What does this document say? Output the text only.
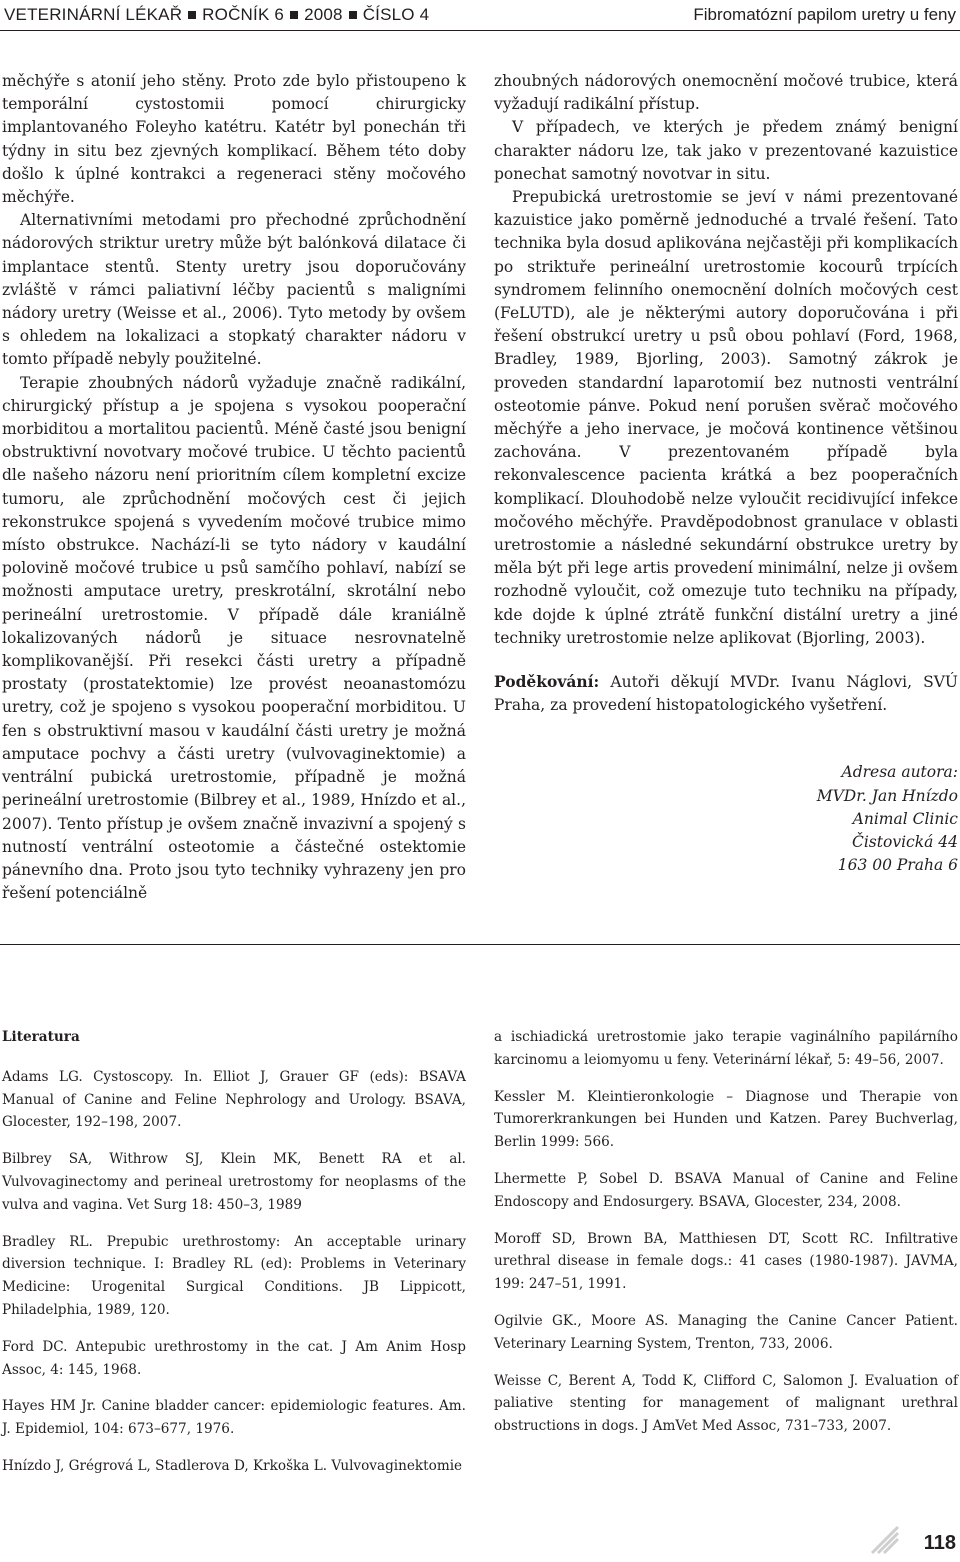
VETERINÁRNÍ LÉKAŘ ROČNÍK 6 2008 ČÍSLO 4	Fibromatózní papilom uretry u feny

měchýře s atonií jeho stěny. Proto zde bylo přistoupeno k temporální cystostomii pomocí chirurgicky implantovaného Foleyho katétru. Katétr byl ponechán tři týdny in situ bez zjevných komplikací. Během této doby došlo k úplné kontrakci a regeneraci stěny močového měchýře.

Alternativními metodami pro přechodné zprůchodnění nádorových striktur uretry může být balónková dilatace či implantace stentů. Stenty uretry jsou doporučovány zvláště v rámci paliativní léčby pacientů s maligními nádory uretry (Weisse et al., 2006). Tyto metody by ovšem s ohledem na lokalizaci a stopkatý charakter nádoru v tomto případě nebyly použitelné.

Terapie zhoubných nádorů vyžaduje značně radikální, chirurgický přístup a je spojena s vysokou pooperační morbiditou a mortalitou pacientů. Méně časté jsou benigní obstruktivní novotvary močové trubice. U těchto pacientů dle našeho názoru není prioritním cílem kompletní excize tumoru, ale zprůchodnění močových cest či jejich rekonstrukce spojená s vyvedením močové trubice mimo místo obstrukce. Nachází-li se tyto nádory v kaudální polovině močové trubice u psů samčího pohlaví, nabízí se možnosti amputace uretry, preskrotální, skrotální nebo perineální uretrostomie. V případě dále kraniálně lokalizovaných nádorů je situace nesrovnatelně komplikovanější. Při resekci části uretry a případně prostaty (prostatektomie) lze provést neoanastomózu uretry, což je spojeno s vysokou pooperační morbiditou. U fen s obstruktivní masou v kaudální části uretry je možná amputace pochvy a části uretry (vulvovaginektomie) a ventrální pubická uretrostomie, případně je možná perineální uretrostomie (Bilbrey et al., 1989, Hnízdo et al., 2007). Tento přístup je ovšem značně invazivní a spojený s nutností ventrální osteotomie a částečné ostektomie pánevního dna. Proto jsou tyto techniky vyhrazeny jen pro řešení potenciálně

zhoubných nádorových onemocnění močové trubice, která vyžadují radikální přístup.

V případech, ve kterých je předem známý benigní charakter nádoru lze, tak jako v prezentované kazuistice ponechat samotný novotvar in situ.

Prepubická uretrostomie se jeví v námi prezentované kazuistice jako poměrně jednoduché a trvalé řešení. Tato technika byla dosud aplikována nejčastěji při komplikacích po striktuře perineální uretrostomie kocourů trpících syndromem felinního onemocnění dolních močových cest (FeLUTD), ale je některými autory doporučována i při řešení obstrukcí uretry u psů obou pohlaví (Ford, 1968, Bradley, 1989, Bjorling, 2003). Samotný zákrok je proveden standardní laparotomií bez nutnosti ventrální osteotomie pánve. Pokud není porušen svěrač močového měchýře a jeho inervace, je močová kontinence většinou zachována. V prezentovaném případě byla rekonvalescence pacienta krátká a bez pooperačních komplikací. Dlouhodobě nelze vyloučit recidivující infekce močového měchýře. Pravděpodobnost granulace v oblasti uretrostomie a následné sekundární obstrukce uretry by měla být při lege artis provedení minimální, nelze ji ovšem rozhodně vyloučit, což omezuje tuto techniku na případy, kde dojde k úplné ztrátě funkční distální uretry a jiné techniky uretrostomie nelze aplikovat (Bjorling, 2003).

Poděkování: Autoři děkují MVDr. Ivanu Náglovi, SVÚ Praha, za provedení histopatologického vyšetření.

Adresa autora:
MVDr. Jan Hnízdo
Animal Clinic
Čistovická 44
163 00 Praha 6
Literatura
Adams LG. Cystoscopy. In. Elliot J, Grauer GF (eds): BSAVA Manual of Canine and Feline Nephrology and Urology. BSAVA, Glocester, 192–198, 2007.
Bilbrey SA, Withrow SJ, Klein MK, Benett RA et al. Vulvovaginectomy and perineal uretrostomy for neoplasms of the vulva and vagina. Vet Surg 18: 450–3, 1989
Bradley RL. Prepubic urethrostomy: An acceptable urinary diversion technique. I: Bradley RL (ed): Problems in Veterinary Medicine: Urogenital Surgical Conditions. JB Lippicott, Philadelphia, 1989, 120.
Ford DC. Antepubic urethrostomy in the cat. J Am Anim Hosp Assoc, 4: 145, 1968.
Hayes HM Jr. Canine bladder cancer: epidemiologic features. Am. J. Epidemiol, 104: 673–677, 1976.
Hnízdo J, Grégrová L, Stadlerova D, Krkoška L. Vulvovaginektomie
a ischiadická uretrostomie jako terapie vaginálního papilárního karcinomu a leiomyomu u feny. Veterinární lékař, 5: 49–56, 2007.
Kessler M. Kleintieronkologie – Diagnose und Therapie von Tumorerkrankungen bei Hunden und Katzen. Parey Buchverlag, Berlin 1999: 566.
Lhermette P, Sobel D. BSAVA Manual of Canine and Feline Endoscopy and Endosurgery. BSAVA, Glocester, 234, 2008.
Moroff SD, Brown BA, Matthiesen DT, Scott RC. Infiltrative urethral disease in female dogs.: 41 cases (1980-1987). JAVMA, 199: 247–51, 1991.
Ogilvie GK., Moore AS. Managing the Canine Cancer Patient. Veterinary Learning System, Trenton, 733, 2006.
Weisse C, Berent A, Todd K, Clifford C, Salomon J. Evaluation of paliative stenting for management of malignant urethral obstructions in dogs. J AmVet Med Assoc, 731–733, 2007.
118
